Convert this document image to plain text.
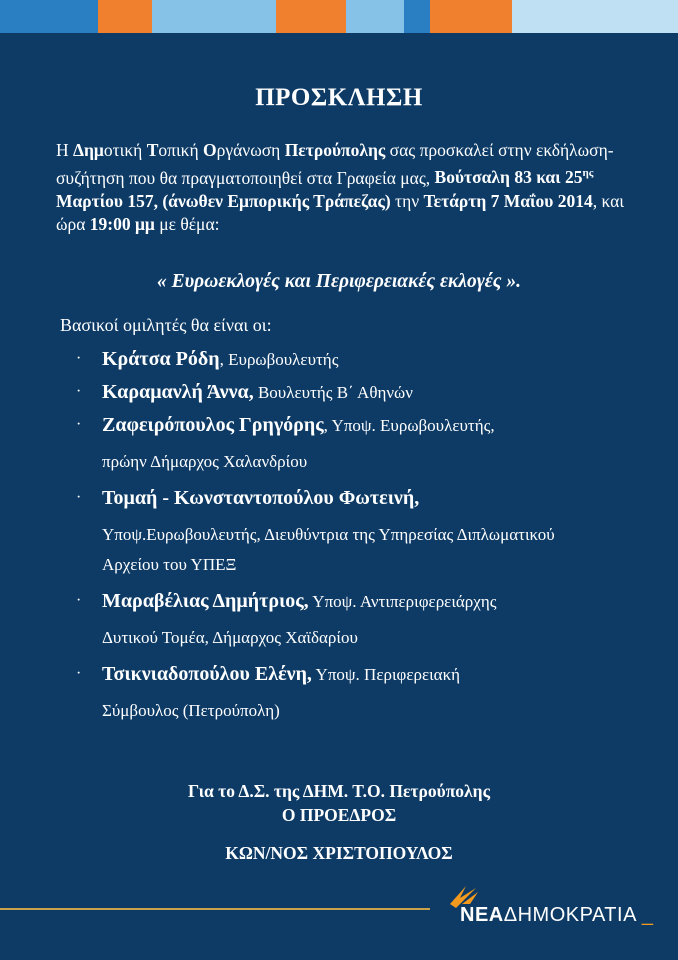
ΠΡΟΣΚΛΗΣΗ
Η Δημοτική Τοπική Οργάνωση Πετρούπολης σας προσκαλεί στην εκδήλωση-συζήτηση που θα πραγματοποιηθεί στα Γραφεία μας, Βούτσαλη 83 και $25^{\eta\varsigma}$ Μαρτίου 157, (άνωθεν Εμπορικής Τράπεζας) την Τετάρτη 7 Μαΐου 2014, και ώρα 19:00 μμ με θέμα:
« Ευρωεκλογές και Περιφερειακές εκλογές ».
Βασικοί ομιλητές θα είναι οι:
· Κράτσα Ρόδη, Ευρωβουλευτής
· Καραμανλή Άννα, Βουλευτής Β΄ Αθηνών
· Ζαφειρόπουλος Γρηγόρης, Υποψ. Ευρωβουλευτής,
πρώην Δήμαρχος Χαλανδρίου
· Τομαή - Κωνσταντοπούλου Φωτεινή,
Υποψ.Ευρωβουλευτής, Διευθύντρια της Υπηρεσίας Διπλωματικού Αρχείου του ΥΠΕΞ
· Μαραβέλιας Δημήτριος, Υποψ. Αντιπεριφερειάρχης
Δυτικού Τομέα, Δήμαρχος Χαϊδαρίου
· Τσικνιαδοπούλου Ελένη, Υποψ. Περιφερειακή
Σύμβουλος (Πετρούπολη)
Για το Δ.Σ. της ΔΗΜ. Τ.Ο. Πετρούπολης
Ο ΠΡΟΕΔΡΟΣ
ΚΩΝ/ΝΟΣ ΧΡΙΣΤΟΠΟΥΛΟΣ
ΝΕΑΔΗΜΟΚΡΑΤΙΑ _
